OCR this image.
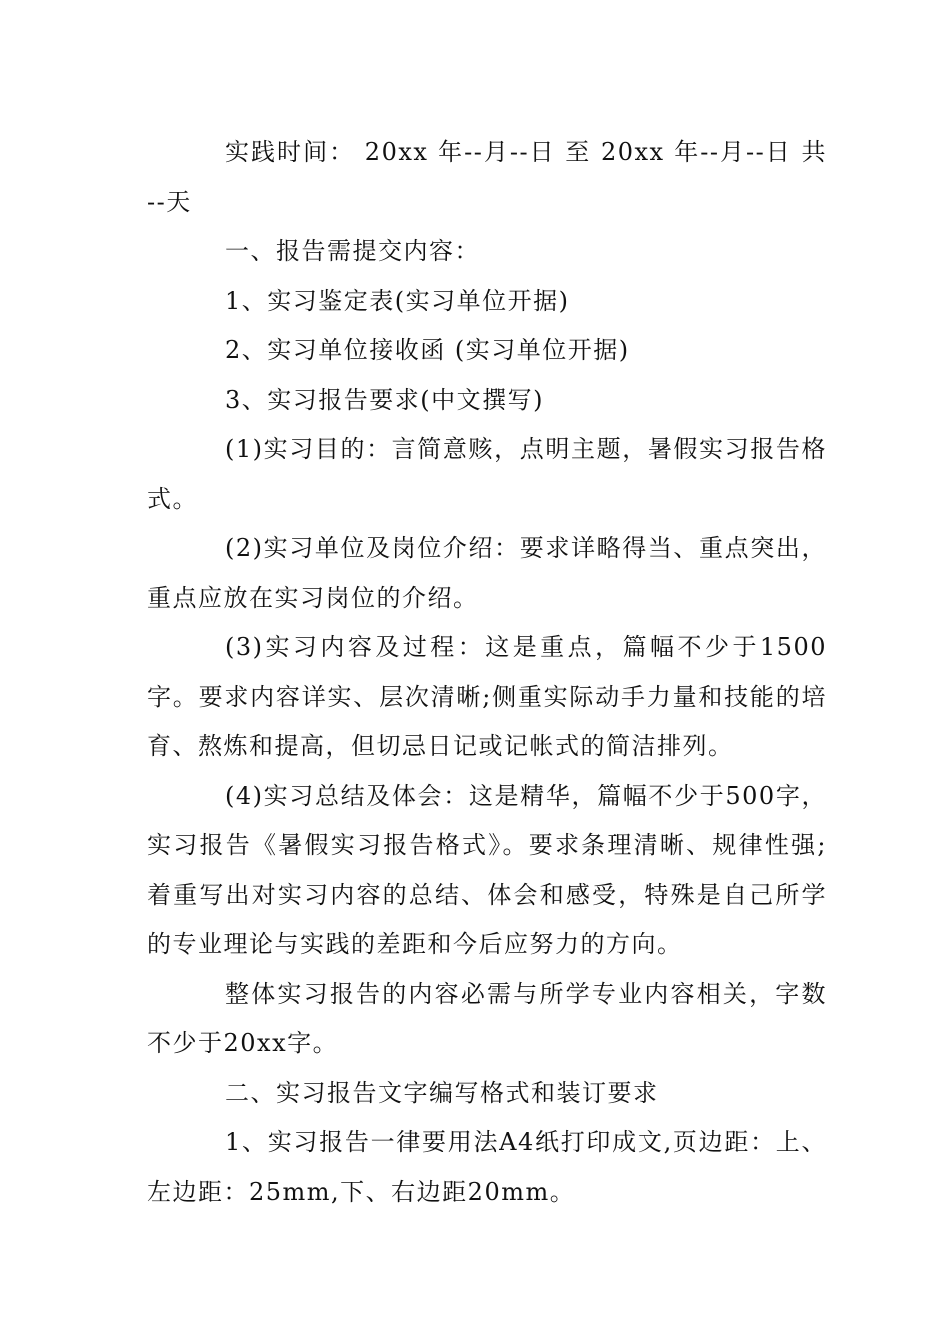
实践时间： 20xx 年--月--日 至 20xx 年--月--日 共 --天

一、报告需提交内容：

1、实习鉴定表(实习单位开据)

2、实习单位接收函 (实习单位开据)

3、实习报告要求(中文撰写)

(1)实习目的：言简意赅，点明主题，暑假实习报告格式。

(2)实习单位及岗位介绍：要求详略得当、重点突出，重点应放在实习岗位的介绍。

(3)实习内容及过程：这是重点，篇幅不少于1500字。要求内容详实、层次清晰;侧重实际动手力量和技能的培育、熬炼和提高，但切忌日记或记帐式的简洁排列。

(4)实习总结及体会：这是精华，篇幅不少于500字，实习报告《暑假实习报告格式》。要求条理清晰、规律性强;着重写出对实习内容的总结、体会和感受，特殊是自己所学的专业理论与实践的差距和今后应努力的方向。

整体实习报告的内容必需与所学专业内容相关，字数不少于20xx字。

二、实习报告文字编写格式和装订要求

1、实习报告一律要用法A4纸打印成文,页边距：上、左边距：25mm,下、右边距20mm。
